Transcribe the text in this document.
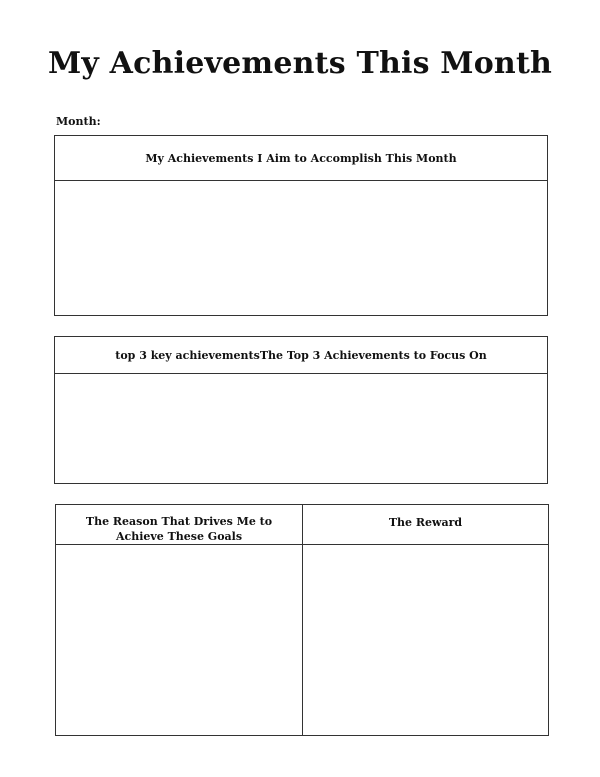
My Achievements This Month
Month:
My Achievements I Aim to Accomplish This Month
top 3 key achievementsThe Top 3 Achievements to Focus On
The Reason That Drives Me to Achieve These Goals
The Reward
